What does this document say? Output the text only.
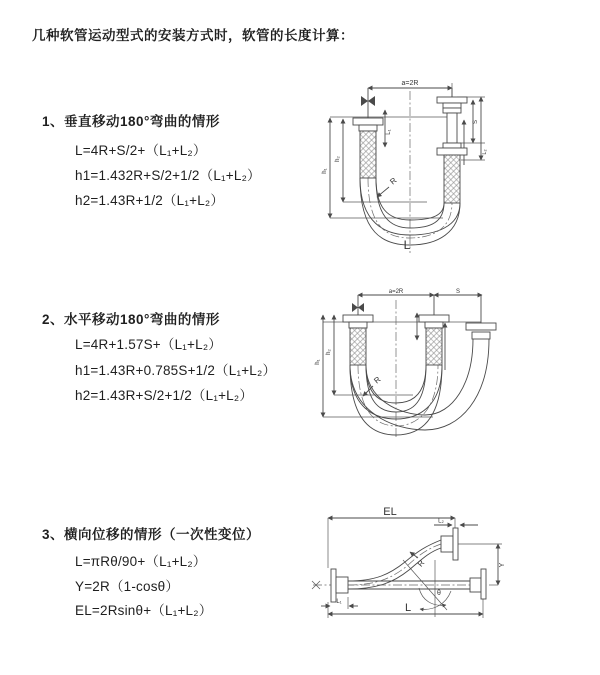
几种软管运动型式的安装方式时，软管的长度计算：
1、垂直移动180°弯曲的情形
L=4R+S/2+（L₁+L₂）
h1=1.432R+S/2+1/2（L₁+L₂）
h2=1.43R+1/2（L₁+L₂）
2、水平移动180°弯曲的情形
L=4R+1.57S+（L₁+L₂）
h1=1.43R+0.785S+1/2（L₁+L₂）
h2=1.43R+S/2+1/2（L₁+L₂）
3、横向位移的情形（一次性变位）
L=πRθ/90+（L₁+L₂）
Y=2R（1-cosθ）
EL=2Rsinθ+（L₁+L₂）
a=2R
L₁
S
L₂
h₁
h₂
R
L
a=2R	S
h₁
h₂
R
EL
L₂
Y
R
θ
L
L₁
